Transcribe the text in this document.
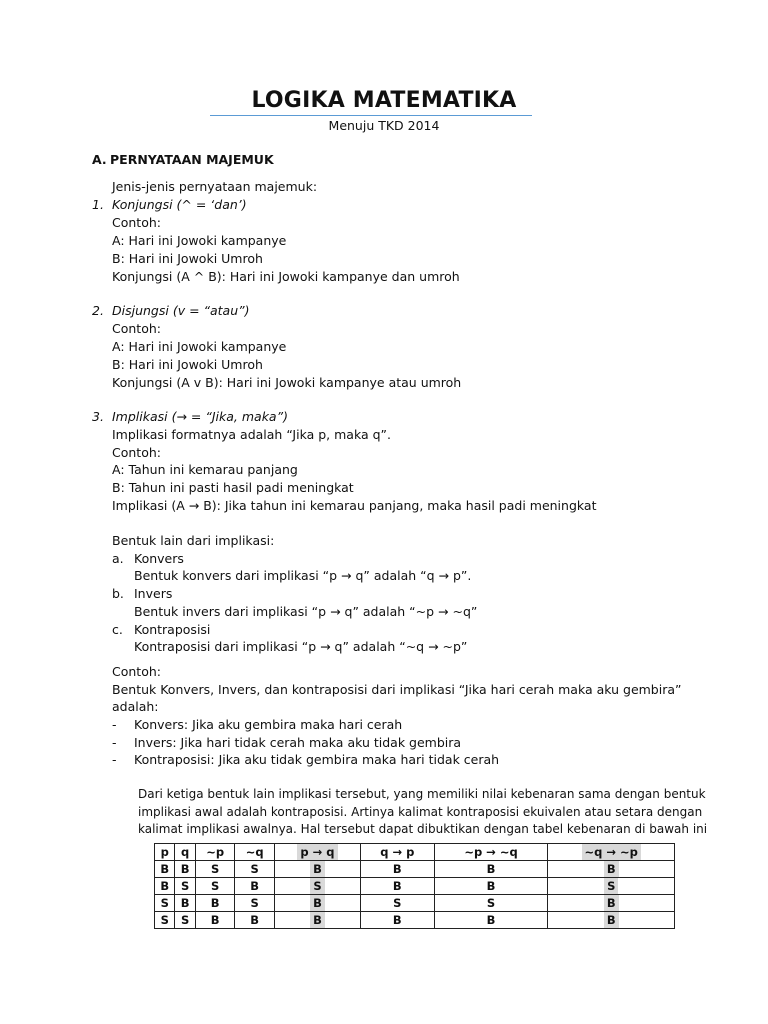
LOGIKA MATEMATIKA
Menuju TKD 2014
A. PERNYATAAN MAJEMUK
Jenis-jenis pernyataan majemuk:
1. Konjungsi (^ = ‘dan’)
Contoh:
A: Hari ini Jowoki kampanye
B: Hari ini Jowoki Umroh
Konjungsi (A ^ B): Hari ini Jowoki kampanye dan umroh
2. Disjungsi (v = “atau”)
Contoh:
A: Hari ini Jowoki kampanye
B: Hari ini Jowoki Umroh
Konjungsi (A v B): Hari ini Jowoki kampanye atau umroh
3. Implikasi (→ = “Jika, maka”)
Implikasi formatnya adalah “Jika p, maka q”.
Contoh:
A: Tahun ini kemarau panjang
B: Tahun ini pasti hasil padi meningkat
Implikasi (A → B): Jika tahun ini kemarau panjang, maka hasil padi meningkat
Bentuk lain dari implikasi:
a. Konvers
Bentuk konvers dari implikasi “p → q” adalah “q → p”.
b. Invers
Bentuk invers dari implikasi “p → q” adalah “~p → ~q”
c. Kontraposisi
Kontraposisi dari implikasi “p → q” adalah “~q → ~p”
Contoh:
Bentuk Konvers, Invers, dan kontraposisi dari implikasi “Jika hari cerah maka aku gembira”
adalah:
- Konvers: Jika aku gembira maka hari cerah
- Invers: Jika hari tidak cerah maka aku tidak gembira
- Kontraposisi: Jika aku tidak gembira maka hari tidak cerah
Dari ketiga bentuk lain implikasi tersebut, yang memiliki nilai kebenaran sama dengan bentuk
implikasi awal adalah kontraposisi. Artinya kalimat kontraposisi ekuivalen atau setara dengan
kalimat implikasi awalnya. Hal tersebut dapat dibuktikan dengan tabel kebenaran di bawah ini
p	q	~p	~q	p → q	q → p	~p → ~q	~q → ~p
B	B	S	S	B	B	B	B
B	S	S	B	S	B	B	S
S	B	B	S	B	S	S	B
S	S	B	B	B	B	B	B
